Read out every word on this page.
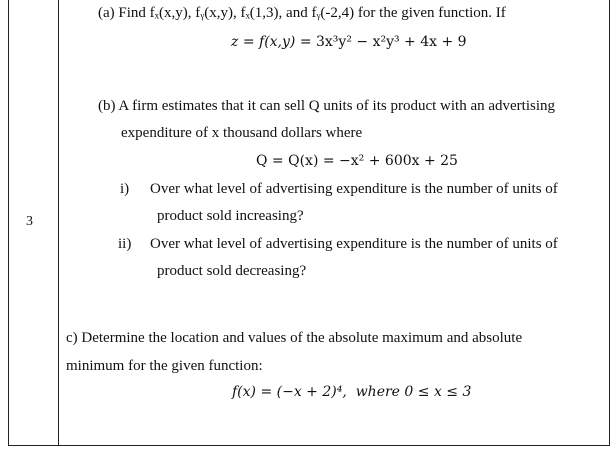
3
(a) Find fₓ(x,y), fᵧ(x,y), fₓ(1,3), and fᵧ(-2,4) for the given function. If
z = f(x,y) = 3x³y² − x²y³ + 4x + 9
(b) A firm estimates that it can sell Q units of its product with an advertising
expenditure of x thousand dollars where
Q = Q(x) = −x² + 600x + 25
i) Over what level of advertising expenditure is the number of units of
product sold increasing?
ii) Over what level of advertising expenditure is the number of units of
product sold decreasing?
c) Determine the location and values of the absolute maximum and absolute
minimum for the given function:
f(x) = (−x + 2)⁴, where 0 ≤ x ≤ 3
